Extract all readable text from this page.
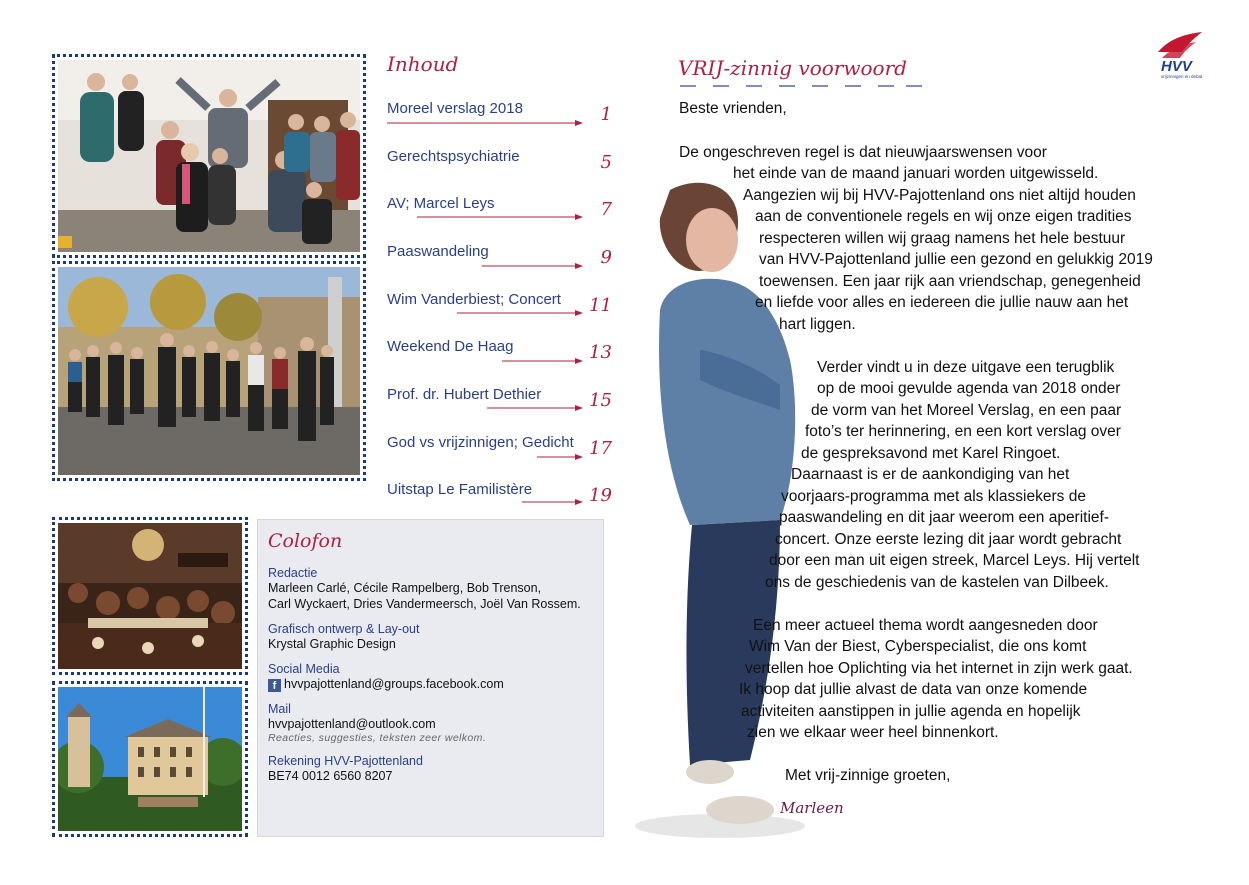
Inhoud
Moreel verslag 2018	1
Gerechtspsychiatrie	5
AV; Marcel Leys	7
Paaswandeling	9
Wim Vanderbiest; Concert 11
Weekend De Haag	13
Prof. dr. Hubert Dethier	15
God vs vrijzinnigen; Gedicht 17
Uitstap Le Familistère	19
Colofon
Redactie
Marleen Carlé, Cécile Rampelberg, Bob Trenson,
Carl Wyckaert, Dries Vandermeersch, Joël Van Rossem.
Grafisch ontwerp & Lay-out
Krystal Graphic Design
Social Media
f hvvpajottenland@groups.facebook.com
Mail
hvvpajottenland@outlook.com
Reacties, suggesties, teksten zeer welkom.
Rekening HVV-Pajottenland
BE74 0012 6560 8207
VRIJ-zinnig voorwoord
Beste vrienden,
De ongeschreven regel is dat nieuwjaarswensen voor
het einde van de maand januari worden uitgewisseld.
Aangezien wij bij HVV-Pajottenland ons niet altijd houden
aan de conventionele regels en wij onze eigen tradities
respecteren willen wij graag namens het hele bestuur
van HVV-Pajottenland jullie een gezond en gelukkig 2019
toewensen. Een jaar rijk aan vriendschap, genegenheid
en liefde voor alles en iedereen die jullie nauw aan het
hart liggen.
Verder vindt u in deze uitgave een terugblik
op de mooi gevulde agenda van 2018 onder
de vorm van het Moreel Verslag, en een paar
foto’s ter herinnering, en een kort verslag over
de gespreksavond met Karel Ringoet.
Daarnaast is er de aankondiging van het
voorjaars-programma met als klassiekers de
paaswandeling en dit jaar weerom een aperitief-
concert. Onze eerste lezing dit jaar wordt gebracht
door een man uit eigen streek, Marcel Leys. Hij vertelt
ons de geschiedenis van de kastelen van Dilbeek.
Een meer actueel thema wordt aangesneden door
Wim Van der Biest, Cyberspecialist, die ons komt
vertellen hoe Oplichting via het internet in zijn werk gaat.
Ik hoop dat jullie alvast de data van onze komende
activiteiten aanstippen in jullie agenda en hopelijk
zien we elkaar weer heel binnenkort.
Met vrij-zinnige groeten,
Marleen
HVV
vrijzinnigen en debat
